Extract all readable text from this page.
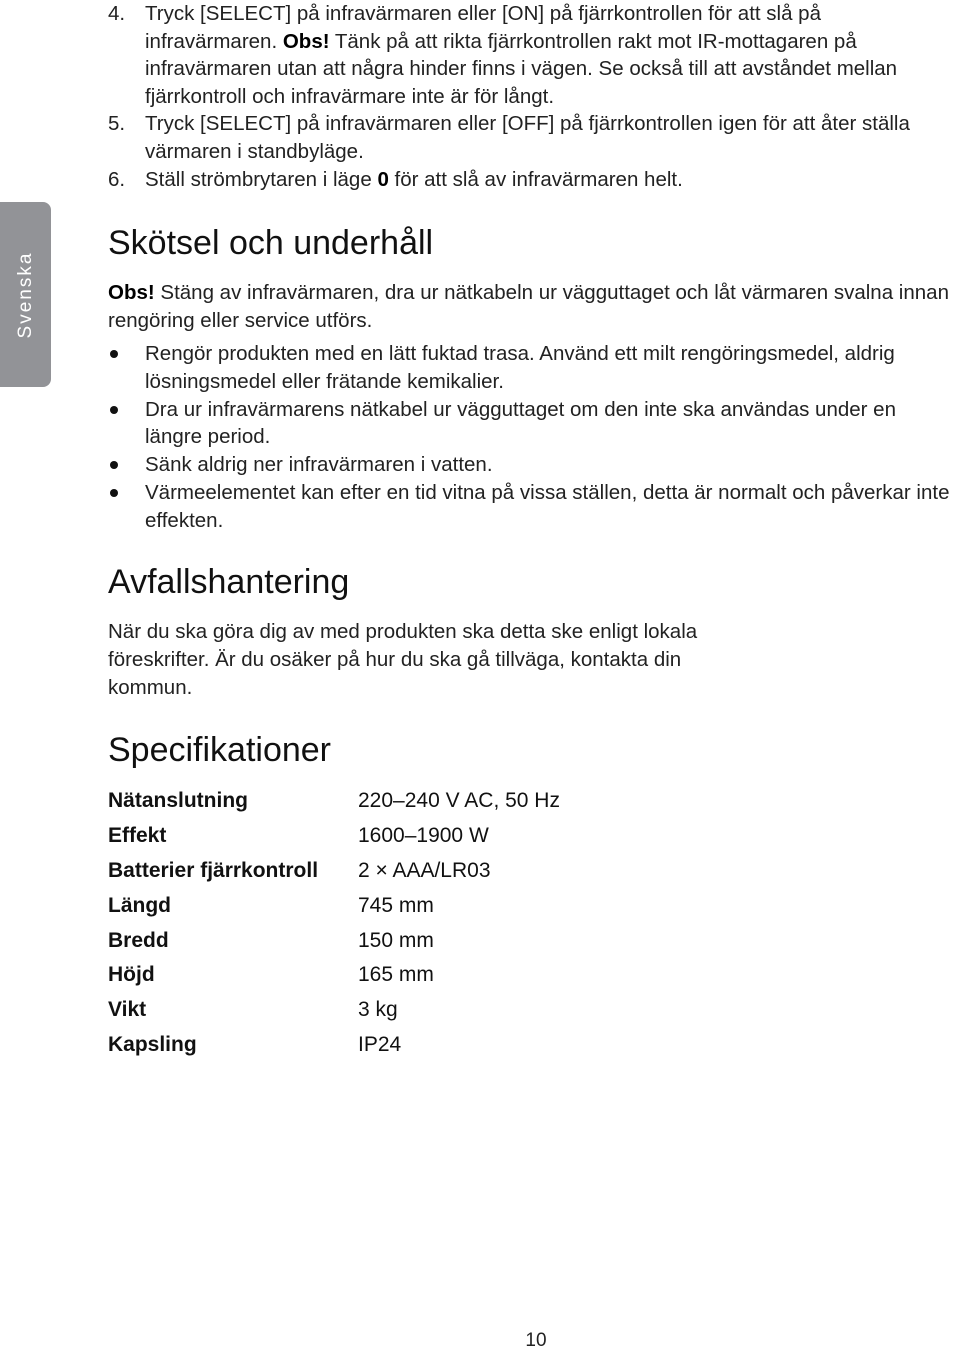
4. Tryck [SELECT] på infravärmaren eller [ON] på fjärrkontrollen för att slå på infravärmaren. Obs! Tänk på att rikta fjärrkontrollen rakt mot IR-mottagaren på infravärmaren utan att några hinder finns i vägen. Se också till att avståndet mellan fjärrkontroll och infravärmare inte är för långt.
5. Tryck [SELECT] på infravärmaren eller [OFF] på fjärrkontrollen igen för att åter ställa värmaren i standbyläge.
6. Ställ strömbrytaren i läge 0 för att slå av infravärmaren helt.
Svenska
Skötsel och underhåll

Obs! Stäng av infravärmaren, dra ur nätkabeln ur vägguttaget och låt värmaren svalna innan rengöring eller service utförs.

Rengör produkten med en lätt fuktad trasa. Använd ett milt rengöringsmedel, aldrig lösningsmedel eller frätande kemikalier.
Dra ur infravärmarens nätkabel ur vägguttaget om den inte ska användas under en längre period.
Sänk aldrig ner infravärmaren i vatten.
Värmeelementet kan efter en tid vitna på vissa ställen, detta är normalt och påverkar inte effekten.
Avfallshantering

När du ska göra dig av med produkten ska detta ske enligt lokala föreskrifter. Är du osäker på hur du ska gå tillväga, kontakta din kommun.

Specifikationer
Nätanslutning	220–240 V AC, 50 Hz
Effekt	1600–1900 W
Batterier fjärrkontroll	2 × AAA/LR03
Längd	745 mm
Bredd	150 mm
Höjd	165 mm
Vikt	3 kg
Kapsling	IP24
10
